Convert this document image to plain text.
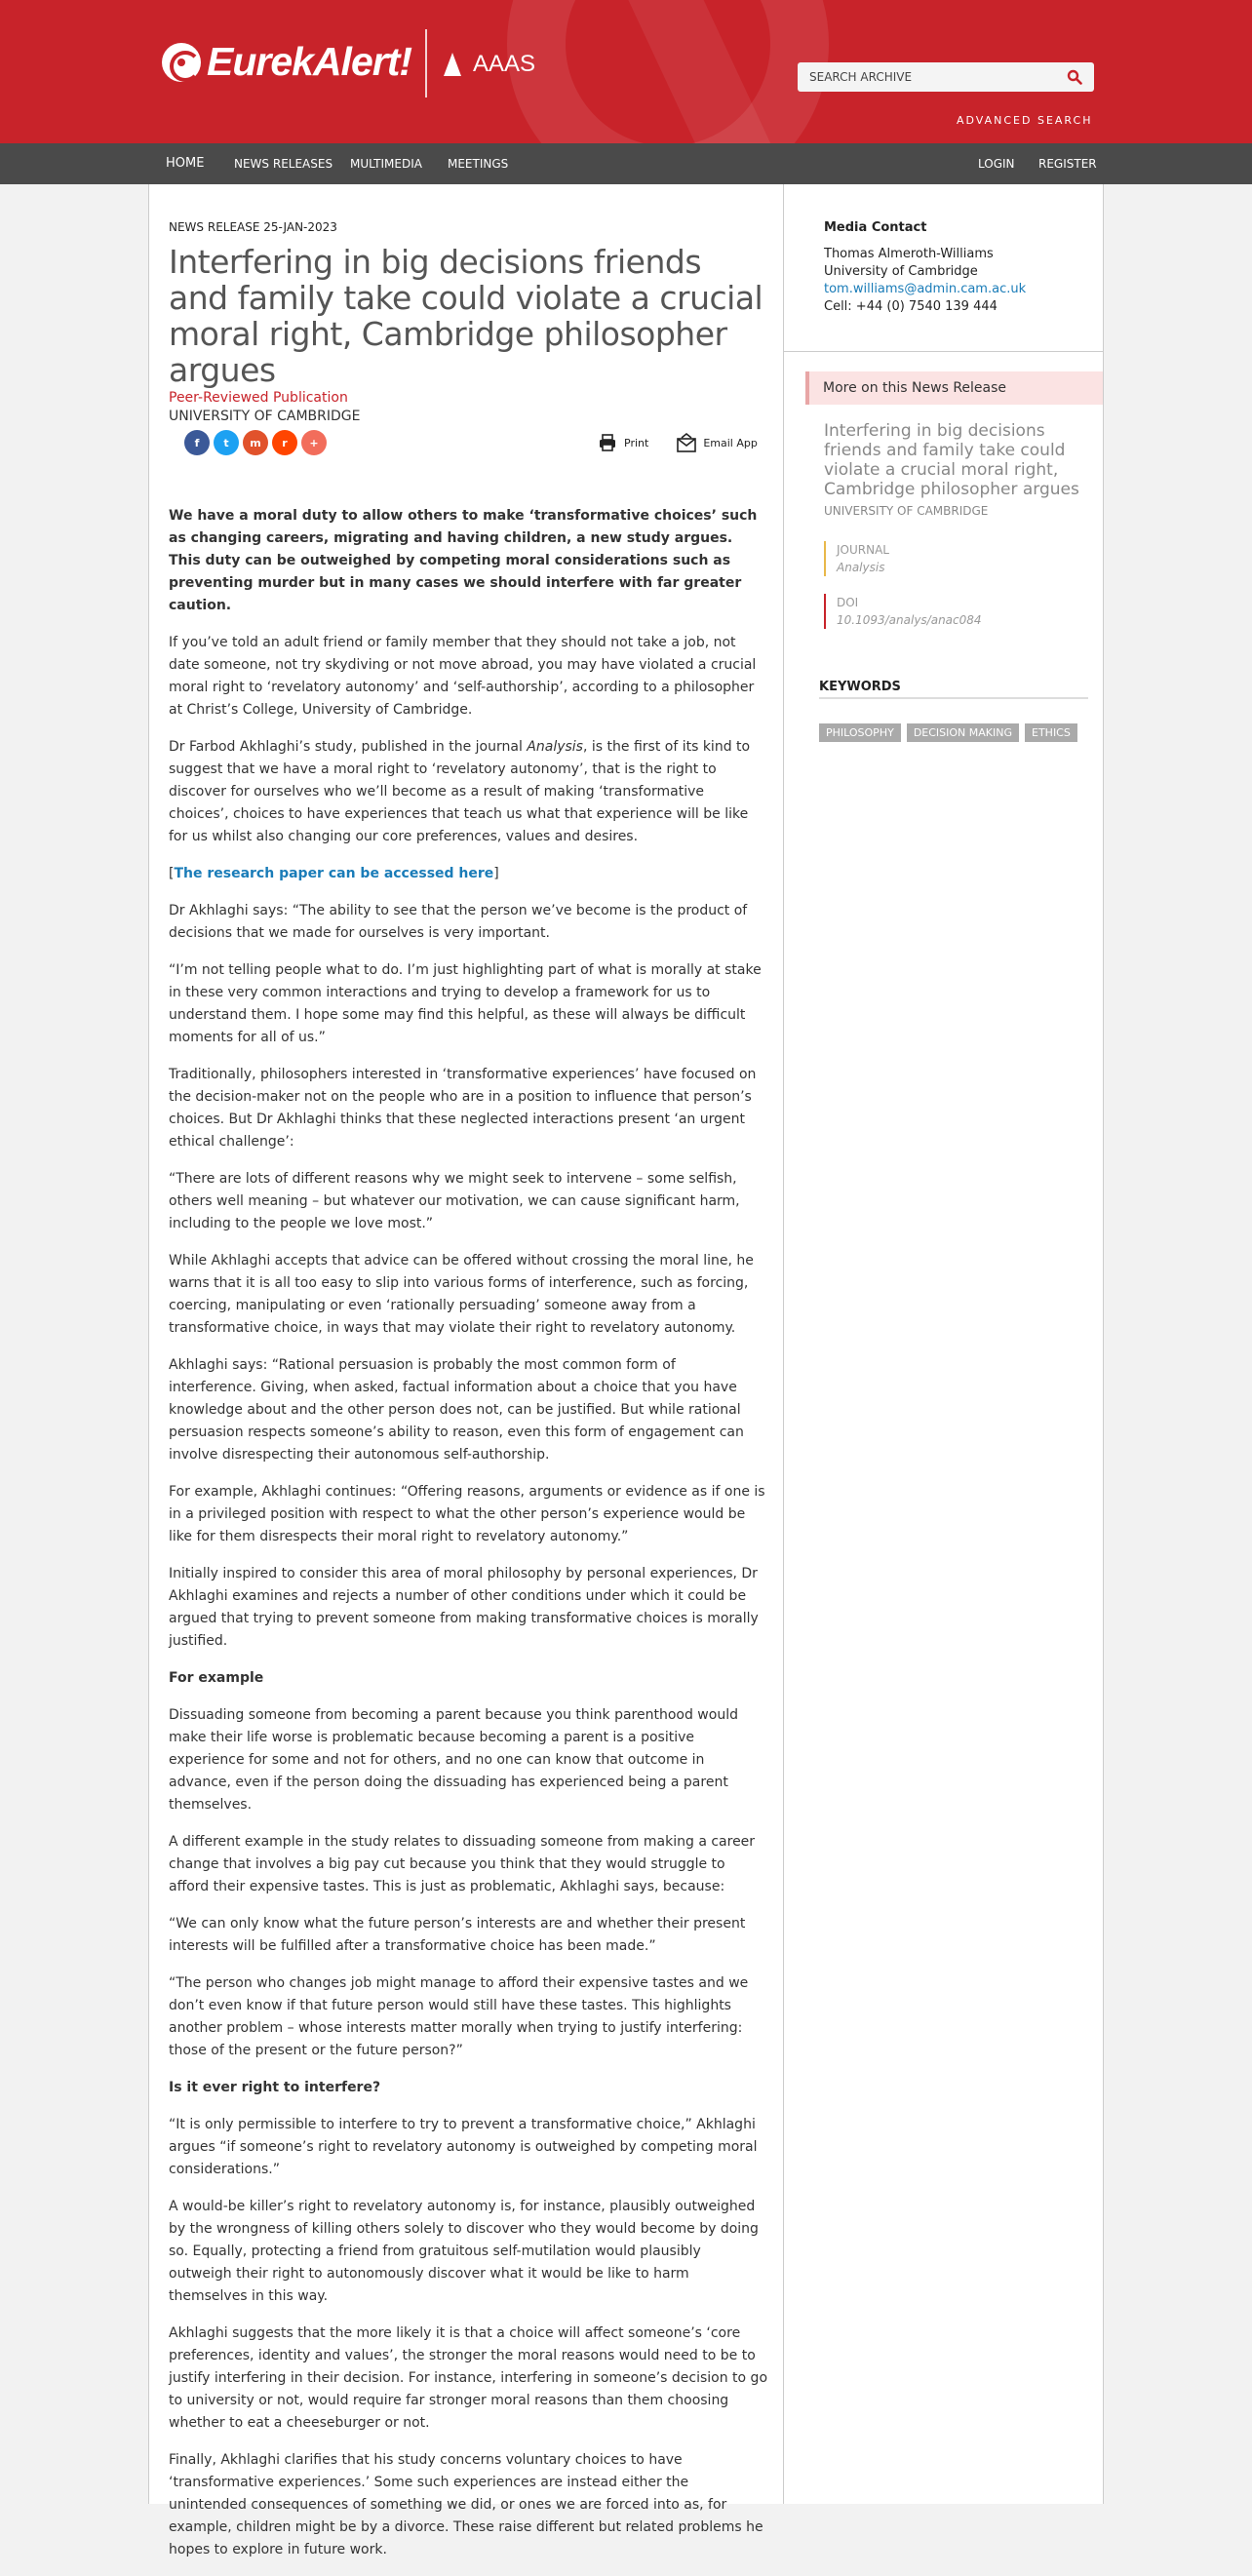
EurekAlert!	AAAS
SEARCH ARCHIVE
ADVANCED SEARCH
HOME	NEWS RELEASES MULTIMEDIA MEETINGS	LOGIN REGISTER
NEWS RELEASE 25-JAN-2023
Interfering in big decisions friends and family take could violate a crucial moral right, Cambridge philosopher argues
Peer-Reviewed Publication
UNIVERSITY OF CAMBRIDGE
f	t	m	r	+	Print	Email App

We have a moral duty to allow others to make ‘transformative choices’ such as changing careers, migrating and having children, a new study argues. This duty can be outweighed by competing moral considerations such as preventing murder but in many cases we should interfere with far greater caution.

If you’ve told an adult friend or family member that they should not take a job, not date someone, not try skydiving or not move abroad, you may have violated a crucial moral right to ‘revelatory autonomy’ and ‘self-authorship’, according to a philosopher at Christ’s College, University of Cambridge.

Dr Farbod Akhlaghi’s study, published in the journal Analysis, is the first of its kind to suggest that we have a moral right to ‘revelatory autonomy’, that is the right to discover for ourselves who we’ll become as a result of making ‘transformative choices’, choices to have experiences that teach us what that experience will be like for us whilst also changing our core preferences, values and desires.

[The research paper can be accessed here]

Dr Akhlaghi says: “The ability to see that the person we’ve become is the product of decisions that we made for ourselves is very important.

“I’m not telling people what to do. I’m just highlighting part of what is morally at stake in these very common interactions and trying to develop a framework for us to understand them. I hope some may find this helpful, as these will always be difficult moments for all of us.”

Traditionally, philosophers interested in ‘transformative experiences’ have focused on the decision-maker not on the people who are in a position to influence that person’s choices. But Dr Akhlaghi thinks that these neglected interactions present ‘an urgent ethical challenge’:

“There are lots of different reasons why we might seek to intervene – some selfish, others well meaning – but whatever our motivation, we can cause significant harm, including to the people we love most.”

While Akhlaghi accepts that advice can be offered without crossing the moral line, he warns that it is all too easy to slip into various forms of interference, such as forcing, coercing, manipulating or even ‘rationally persuading’ someone away from a transformative choice, in ways that may violate their right to revelatory autonomy.

Akhlaghi says: “Rational persuasion is probably the most common form of interference. Giving, when asked, factual information about a choice that you have knowledge about and the other person does not, can be justified. But while rational persuasion respects someone’s ability to reason, even this form of engagement can involve disrespecting their autonomous self-authorship.

For example, Akhlaghi continues: “Offering reasons, arguments or evidence as if one is in a privileged position with respect to what the other person’s experience would be like for them disrespects their moral right to revelatory autonomy.”

Initially inspired to consider this area of moral philosophy by personal experiences, Dr Akhlaghi examines and rejects a number of other conditions under which it could be argued that trying to prevent someone from making transformative choices is morally justified.

For example

Dissuading someone from becoming a parent because you think parenthood would make their life worse is problematic because becoming a parent is a positive experience for some and not for others, and no one can know that outcome in advance, even if the person doing the dissuading has experienced being a parent themselves.

A different example in the study relates to dissuading someone from making a career change that involves a big pay cut because you think that they would struggle to afford their expensive tastes. This is just as problematic, Akhlaghi says, because:

“We can only know what the future person’s interests are and whether their present interests will be fulfilled after a transformative choice has been made.”

“The person who changes job might manage to afford their expensive tastes and we don’t even know if that future person would still have these tastes. This highlights another problem – whose interests matter morally when trying to justify interfering: those of the present or the future person?”

Is it ever right to interfere?

“It is only permissible to interfere to try to prevent a transformative choice,” Akhlaghi argues “if someone’s right to revelatory autonomy is outweighed by competing moral considerations.”

A would-be killer’s right to revelatory autonomy is, for instance, plausibly outweighed by the wrongness of killing others solely to discover who they would become by doing so. Equally, protecting a friend from gratuitous self-mutilation would plausibly outweigh their right to autonomously discover what it would be like to harm themselves in this way.

Akhlaghi suggests that the more likely it is that a choice will affect someone’s ‘core preferences, identity and values’, the stronger the moral reasons would need to be to justify interfering in their decision. For instance, interfering in someone’s decision to go to university or not, would require far stronger moral reasons than them choosing whether to eat a cheeseburger or not.

Finally, Akhlaghi clarifies that his study concerns voluntary choices to have ‘transformative experiences.’ Some such experiences are instead either the unintended consequences of something we did, or ones we are forced into as, for example, children might be by a divorce. These raise different but related problems he hopes to explore in future work.

Media Contact
Thomas Almeroth-Williams
University of Cambridge
tom.williams@admin.cam.ac.uk
Cell: +44 (0) 7540 139 444
More on this News Release
Interfering in big decisions friends and family take could violate a crucial moral right, Cambridge philosopher argues
UNIVERSITY OF CAMBRIDGE
JOURNAL
Analysis
DOI
10.1093/analys/anac084
KEYWORDS
PHILOSOPHY	DECISION MAKING	ETHICS
